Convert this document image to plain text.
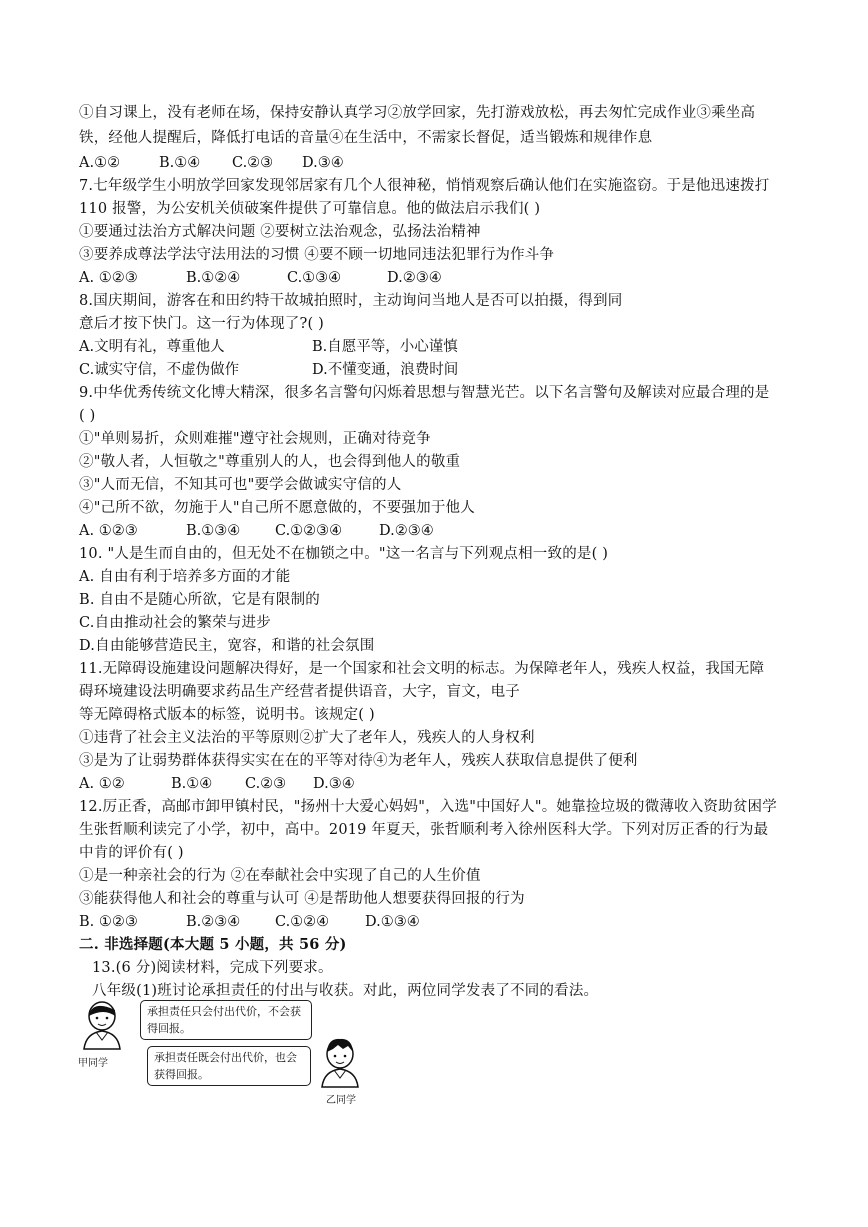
①自习课上，没有老师在场，保持安静认真学习②放学回家，先打游戏放松，再去匆忙完成作业③乘坐高
铁，经他人提醒后，降低打电话的音量④在生活中，不需家长督促，适当锻炼和规律作息
7.七年级学生小明放学回家发现邻居家有几个人很神秘，悄悄观察后确认他们在实施盗窃。于是他迅速拨打
110 报警，为公安机关侦破案件提供了可靠信息。他的做法启示我们( )
①要通过法治方式解决问题 ②要树立法治观念，弘扬法治精神
③要养成尊法学法守法用法的习惯 ④要不顾一切地同违法犯罪行为作斗争
8.国庆期间，游客在和田约特干故城拍照时，主动询问当地人是否可以拍摄，得到同
意后才按下快门。这一行为体现了?( )
9.中华优秀传统文化博大精深，很多名言警句闪烁着思想与智慧光芒。以下名言警句及解读对应最合理的是
( )
①"单则易折，众则难摧"遵守社会规则，正确对待竞争
②"敬人者，人恒敬之"尊重别人的人，也会得到他人的敬重
③"人而无信，不知其可也"要学会做诚实守信的人
④"己所不欲，勿施于人"自己所不愿意做的，不要强加于他人
10. "人是生而自由的，但无处不在枷锁之中。"这一名言与下列观点相一致的是( )
A. 自由有利于培养多方面的才能
B. 自由不是随心所欲，它是有限制的
C.自由推动社会的繁荣与进步
D.自由能够营造民主，宽容，和谐的社会氛围
11.无障碍设施建设问题解决得好，是一个国家和社会文明的标志。为保障老年人，残疾人权益，我国无障
碍环境建设法明确要求药品生产经营者提供语音，大字，盲文，电子
等无障碍格式版本的标签，说明书。该规定( )
①违背了社会主义法治的平等原则②扩大了老年人，残疾人的人身权利
③是为了让弱势群体获得实实在在的平等对待④为老年人，残疾人获取信息提供了便利
12.厉正香，高邮市卸甲镇村民，"扬州十大爱心妈妈"，入选"中国好人"。她靠捡垃圾的微薄收入资助贫困学
生张哲顺利读完了小学，初中，高中。2019 年夏天，张哲顺利考入徐州医科大学。下列对厉正香的行为最
中肯的评价有( )
①是一种亲社会的行为 ②在奉献社会中实现了自己的人生价值
③能获得他人和社会的尊重与认可 ④是帮助他人想要获得回报的行为
A.①②	B.①④ C.②③ D.③④
A. ①②③	B.①②④	C.①③④	D.②③④
A.文明有礼，尊重他人	B.自愿平等，小心谨慎
C.诚实守信，不虚伪做作	D.不懂变通，浪费时间
A. ①②③	B.①③④ C.①②③④	D.②③④
A. ①②	B.①④ C.②③ D.③④
B. ①②③	B.②③④ C.①②④ D.①③④
二. 非选择题(本大题 5 小题，共 56 分)
13.(6 分)阅读材料，完成下列要求。
八年级(1)班讨论承担责任的付出与收获。对此，两位同学发表了不同的看法。
甲同学
承担责任只会付出代价，不会获得回报。
承担责任既会付出代价，也会获得回报。
乙同学
